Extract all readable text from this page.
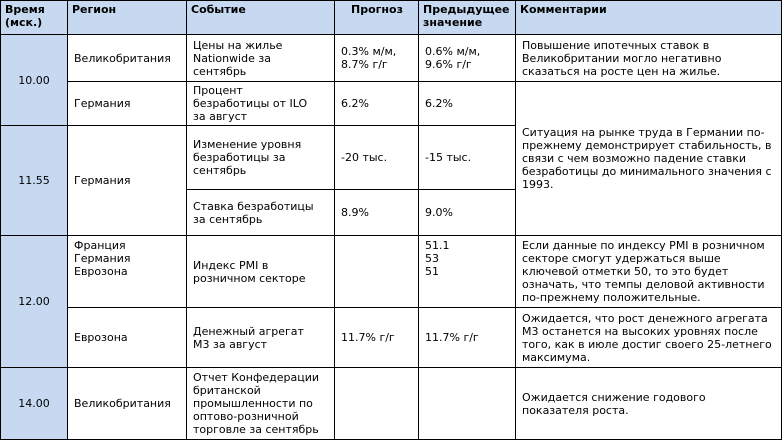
Время
(мск.)	Регион	Событие	Прогноз	Предыдущее
значение	Комментарии
10.00	Великобритания	Цены на жилье
Nationwide за
сентябрь	0.3% м/м,
8.7% г/г	0.6% м/м,
9.6% г/г	Повышение ипотечных ставок в
Великобритании могло негативно
сказаться на росте цен на жилье.
	Германия	Процент
безработицы от ILO
за август	6.2%	6.2%	Ситуация на рынке труда в Германии по-прежнему демонстрирует стабильность, в связи с чем возможно падение ставки безработицы до минимального значения с 1993.
11.55	Германия	Изменение уровня
безработицы за
сентябрь	-20 тыс.	-15 тыс.	
		Ставка безработицы
за сентябрь	8.9%	9.0%	
12.00	Франция
Германия
Еврозона	Индекс PMI в
розничном секторе		51.1
53
51	Если данные по индексу PMI в розничном
секторе смогут удержаться выше
ключевой отметки 50, то это будет
означать, что темпы деловой активности
по-прежнему положительные.
	Еврозона	Денежный агрегат
М3 за август	11.7% г/г	11.7% г/г	Ожидается, что рост денежного агрегата
М3 останется на высоких уровнях после
того, как в июле достиг своего 25-летнего
максимума.
14.00	Великобритания	Отчет Конфедерации
британской
промышленности по
оптово-розничной
торговле за сентябрь			Ожидается снижение годового
показателя роста.
